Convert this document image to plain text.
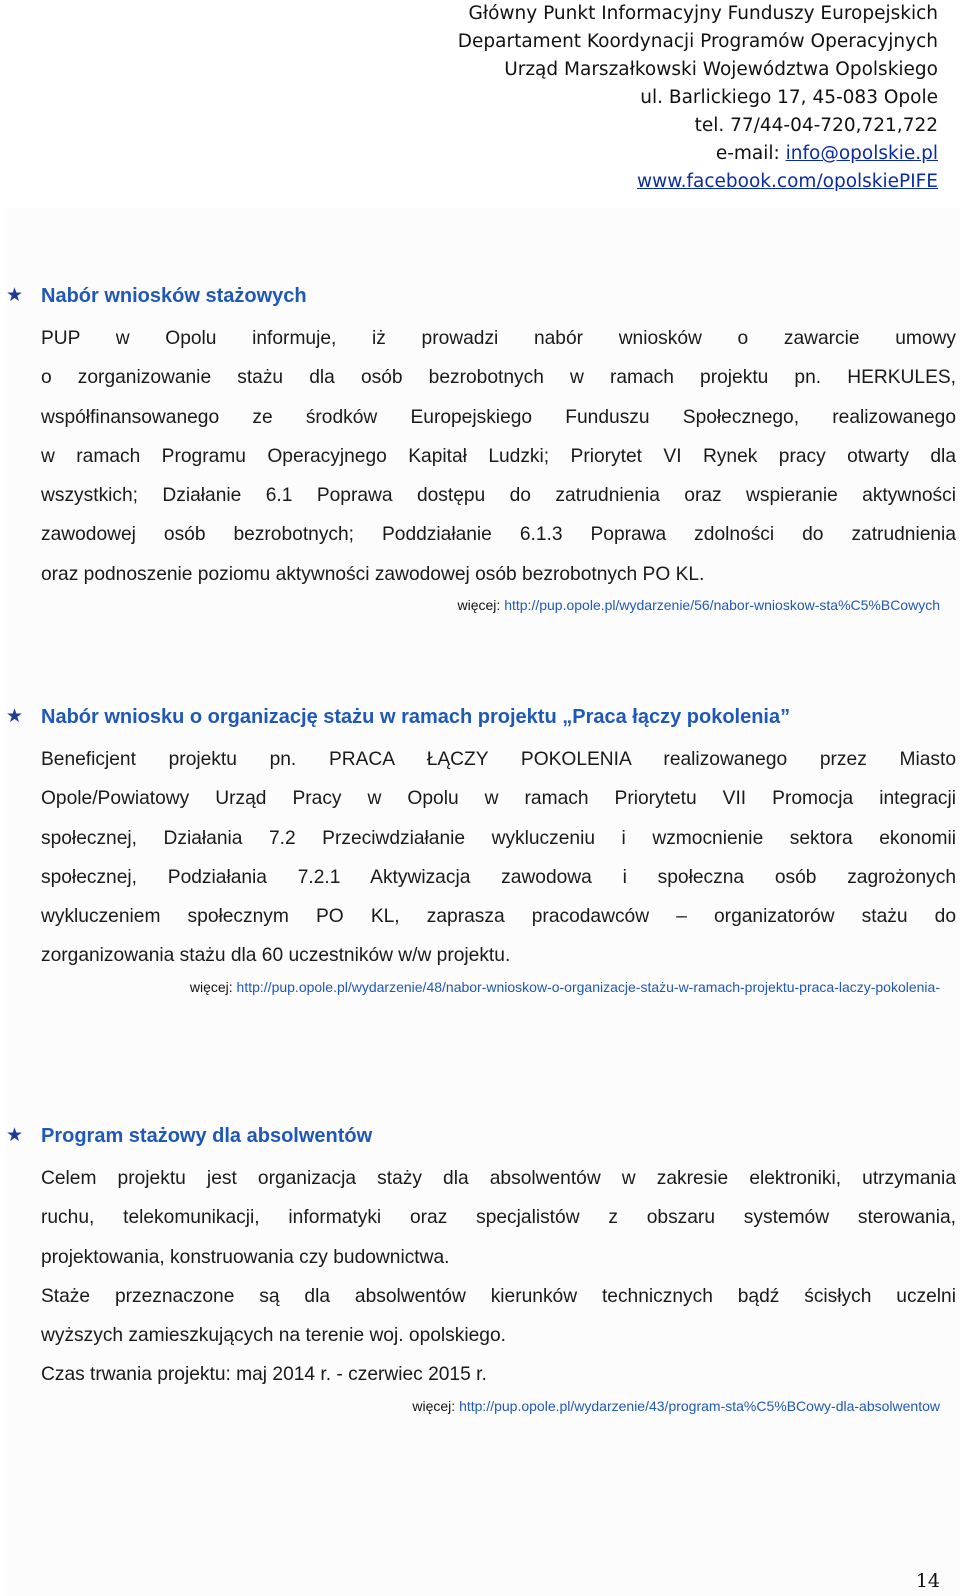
Główny Punkt Informacyjny Funduszy Europejskich
Departament Koordynacji Programów Operacyjnych
Urząd Marszałkowski Województwa Opolskiego
ul. Barlickiego 17, 45-083 Opole
tel. 77/44-04-720,721,722
e-mail: info@opolskie.pl
www.facebook.com/opolskiePIFE
★ Nabór wniosków stażowych

PUP w Opolu informuje, iż prowadzi nabór wniosków o zawarcie umowy

o zorganizowanie stażu dla osób bezrobotnych w ramach projektu pn. HERKULES,

współfinansowanego ze środków Europejskiego Funduszu Społecznego, realizowanego

w ramach Programu Operacyjnego Kapitał Ludzki; Priorytet VI Rynek pracy otwarty dla

wszystkich; Działanie 6.1 Poprawa dostępu do zatrudnienia oraz wspieranie aktywności

zawodowej osób bezrobotnych; Poddziałanie 6.1.3 Poprawa zdolności do zatrudnienia

oraz podnoszenie poziomu aktywności zawodowej osób bezrobotnych PO KL.

więcej: http://pup.opole.pl/wydarzenie/56/nabor-wnioskow-sta%C5%BCowych
★ Nabór wniosku o organizację stażu w ramach projektu „Praca łączy pokolenia”

Beneficjent projektu pn. PRACA ŁĄCZY POKOLENIA realizowanego przez Miasto

Opole/Powiatowy Urząd Pracy w Opolu w ramach Priorytetu VII Promocja integracji

społecznej, Działania 7.2 Przeciwdziałanie wykluczeniu i wzmocnienie sektora ekonomii

społecznej, Podziałania 7.2.1 Aktywizacja zawodowa i społeczna osób zagrożonych

wykluczeniem społecznym PO KL, zaprasza pracodawców – organizatorów stażu do

zorganizowania stażu dla 60 uczestników w/w projektu.

więcej: http://pup.opole.pl/wydarzenie/48/nabor-wnioskow-o-organizacje-stażu-w-ramach-projektu-praca-laczy-pokolenia-
★ Program stażowy dla absolwentów

Celem projektu jest organizacja staży dla absolwentów w zakresie elektroniki, utrzymania

ruchu, telekomunikacji, informatyki oraz specjalistów z obszaru systemów sterowania,

projektowania, konstruowania czy budownictwa.

Staże przeznaczone są dla absolwentów kierunków technicznych bądź ścisłych uczelni

wyższych zamieszkujących na terenie woj. opolskiego.

Czas trwania projektu: maj 2014 r. - czerwiec 2015 r.

więcej: http://pup.opole.pl/wydarzenie/43/program-sta%C5%BCowy-dla-absolwentow
14
